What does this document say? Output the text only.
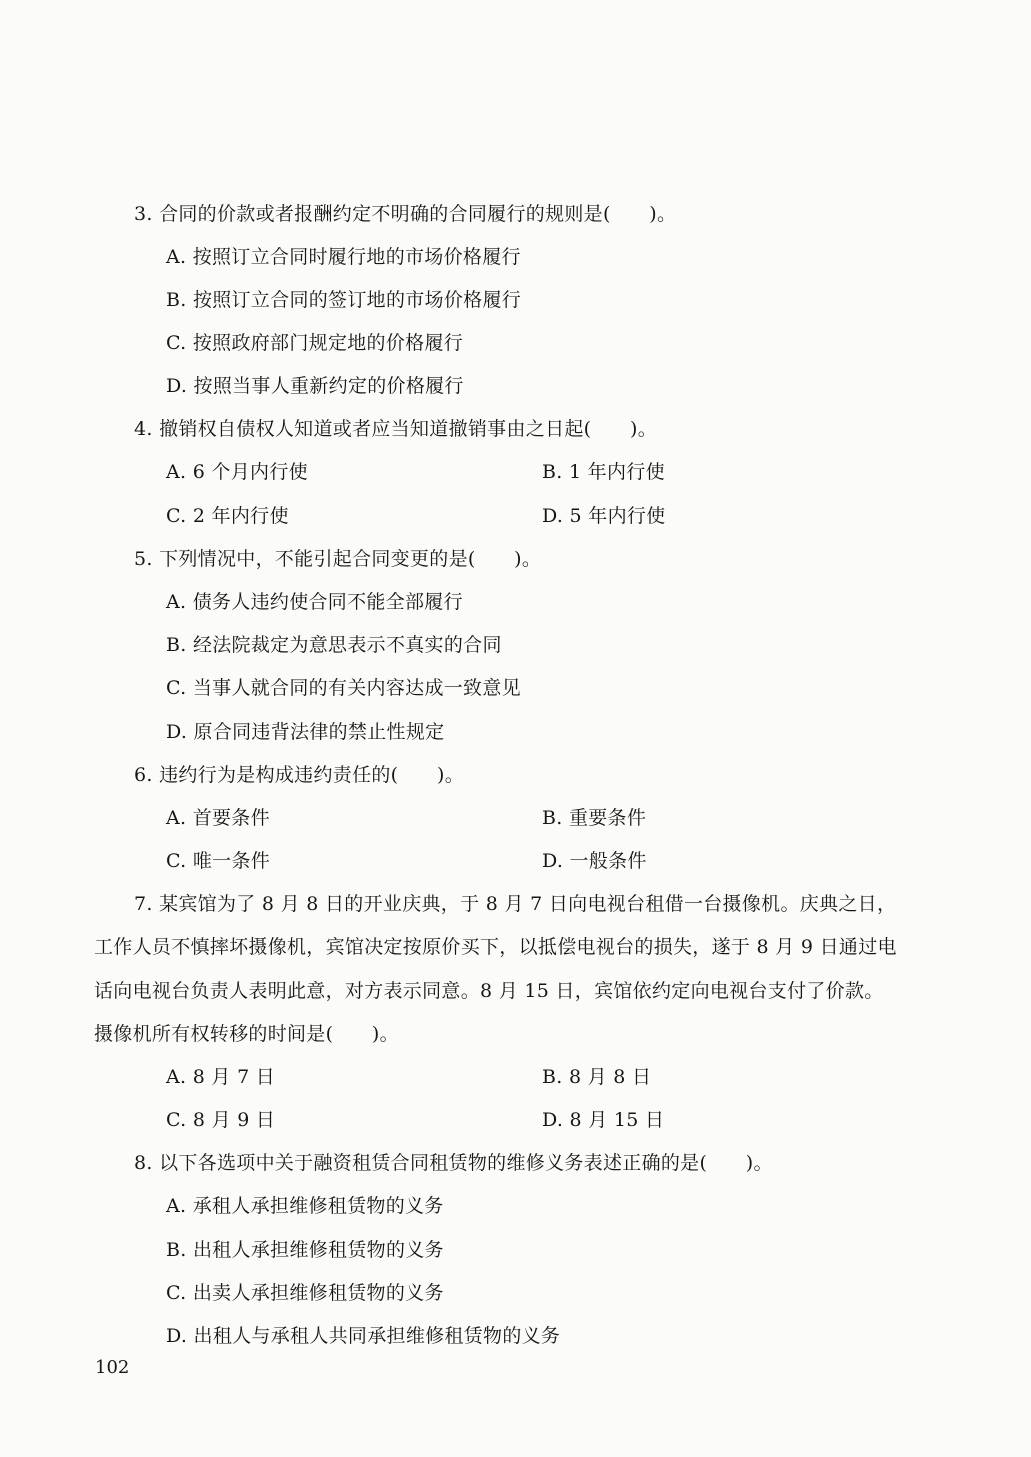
3. 合同的价款或者报酬约定不明确的合同履行的规则是(　　)。
A. 按照订立合同时履行地的市场价格履行
B. 按照订立合同的签订地的市场价格履行
C. 按照政府部门规定地的价格履行
D. 按照当事人重新约定的价格履行
4. 撤销权自债权人知道或者应当知道撤销事由之日起(　　)。
A. 6 个月内行使	B. 1 年内行使
C. 2 年内行使	D. 5 年内行使
5. 下列情况中，不能引起合同变更的是(　　)。
A. 债务人违约使合同不能全部履行
B. 经法院裁定为意思表示不真实的合同
C. 当事人就合同的有关内容达成一致意见
D. 原合同违背法律的禁止性规定
6. 违约行为是构成违约责任的(　　)。
A. 首要条件	B. 重要条件
C. 唯一条件	D. 一般条件
7. 某宾馆为了 8 月 8 日的开业庆典，于 8 月 7 日向电视台租借一台摄像机。庆典之日，
工作人员不慎摔坏摄像机，宾馆决定按原价买下，以抵偿电视台的损失，遂于 8 月 9 日通过电
话向电视台负责人表明此意，对方表示同意。8 月 15 日，宾馆依约定向电视台支付了价款。
摄像机所有权转移的时间是(　　)。
A. 8 月 7 日	B. 8 月 8 日
C. 8 月 9 日	D. 8 月 15 日
8. 以下各选项中关于融资租赁合同租赁物的维修义务表述正确的是(　　)。
A. 承租人承担维修租赁物的义务
B. 出租人承担维修租赁物的义务
C. 出卖人承担维修租赁物的义务
D. 出租人与承租人共同承担维修租赁物的义务
102
